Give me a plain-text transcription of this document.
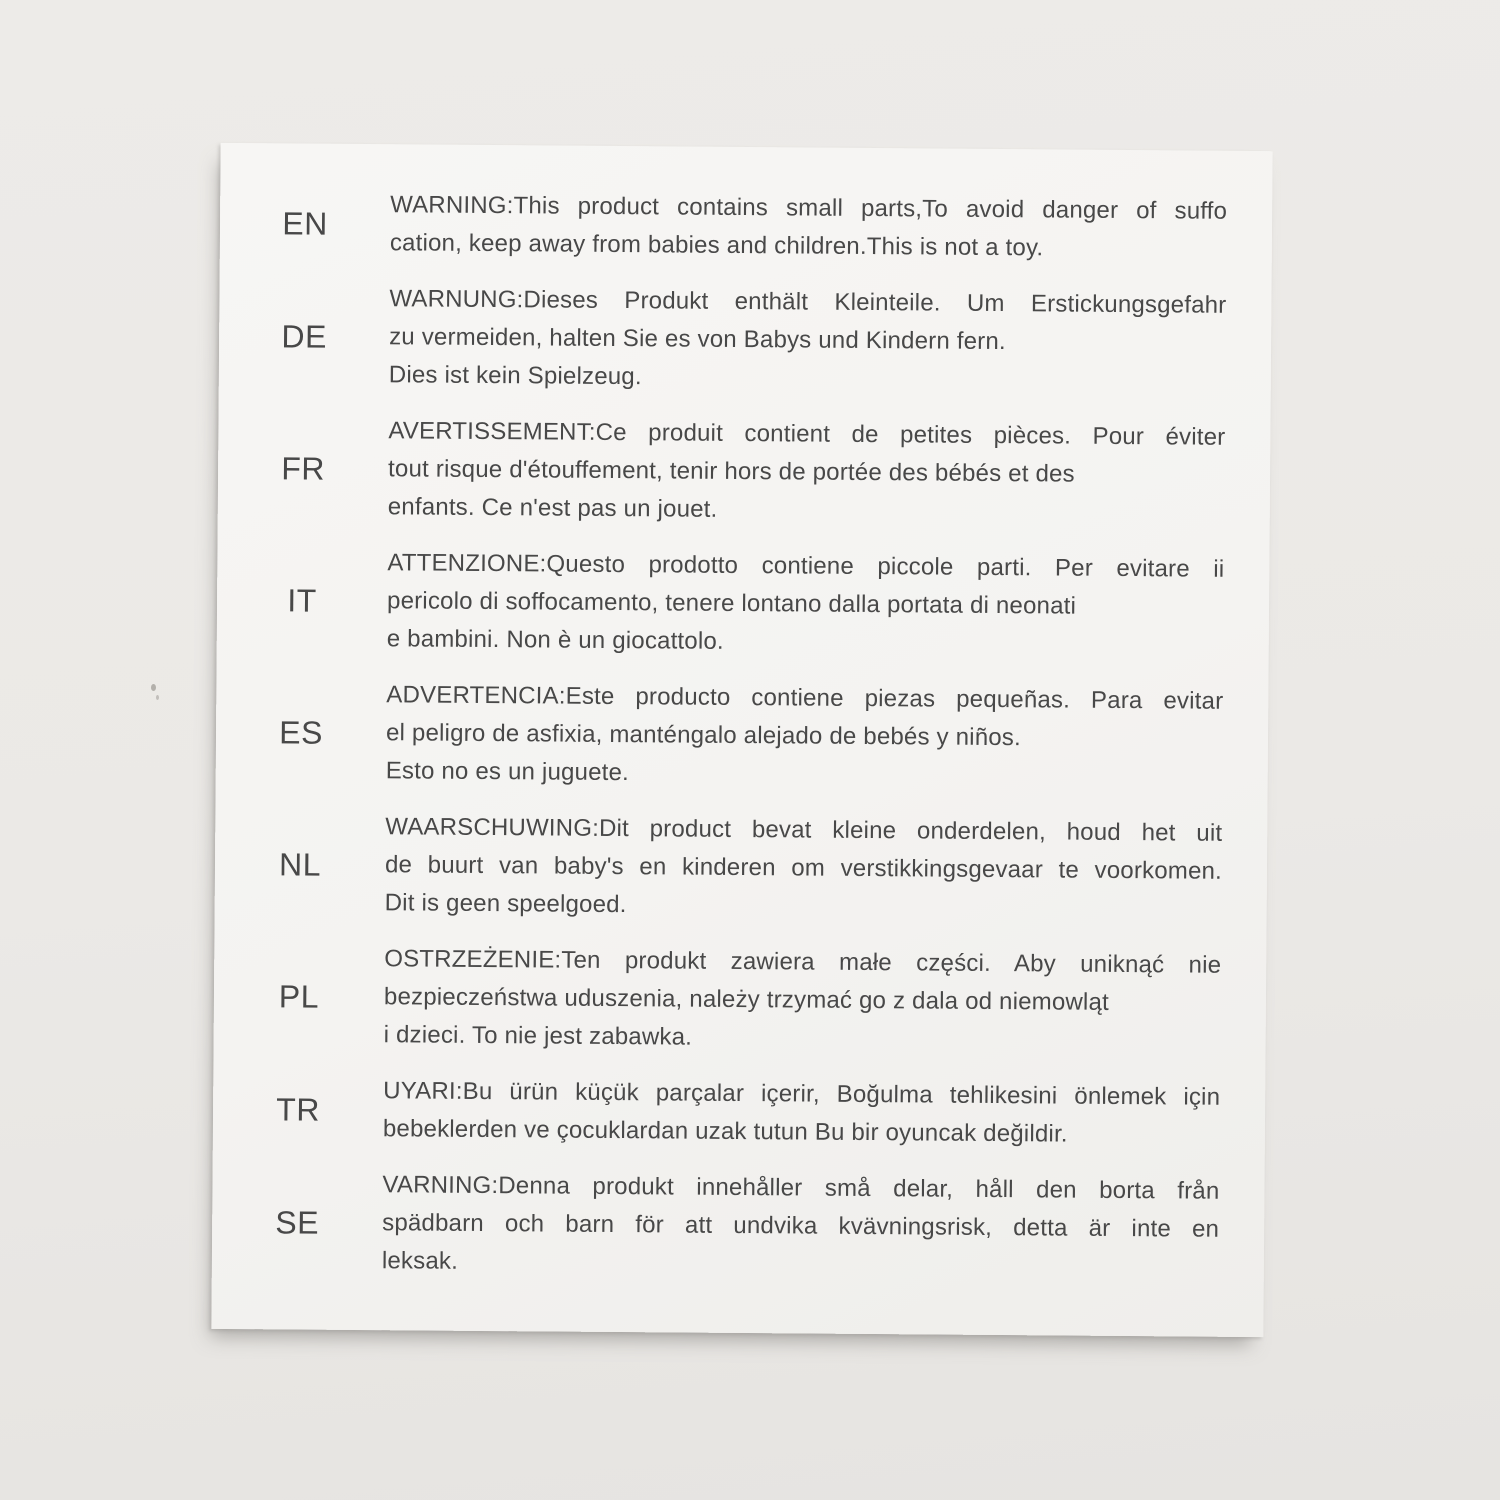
EN	WARNING:This product contains small parts,To avoid danger of suffo
cation, keep away from babies and children.This is not a toy.
DE
WARNUNG:Dieses Produkt enthält Kleinteile. Um Erstickungsgefahr
zu vermeiden, halten Sie es von Babys und Kindern fern.
Dies ist kein Spielzeug.
FR
AVERTISSEMENT:Ce produit contient de petites pièces. Pour éviter
tout risque d'étouffement, tenir hors de portée des bébés et des
enfants. Ce n'est pas un jouet.
IT
ATTENZIONE:Questo prodotto contiene piccole parti. Per evitare ii
pericolo di soffocamento, tenere lontano dalla portata di neonati
e bambini. Non è un giocattolo.
ES
ADVERTENCIA:Este producto contiene piezas pequeñas. Para evitar
el peligro de asfixia, manténgalo alejado de bebés y niños.
Esto no es un juguete.
NL
WAARSCHUWING:Dit product bevat kleine onderdelen, houd het uit
de buurt van baby's en kinderen om verstikkingsgevaar te voorkomen.
Dit is geen speelgoed.
PL
OSTRZEŻENIE:Ten produkt zawiera małe części. Aby uniknąć nie
bezpieczeństwa uduszenia, należy trzymać go z dala od niemowląt
i dzieci. To nie jest zabawka.
TR	UYARI:Bu ürün küçük parçalar içerir, Boğulma tehlikesini önlemek için
bebeklerden ve çocuklardan uzak tutun Bu bir oyuncak değildir.
SE
VARNING:Denna produkt innehåller små delar, håll den borta från
spädbarn och barn för att undvika kvävningsrisk, detta är inte en
leksak.
